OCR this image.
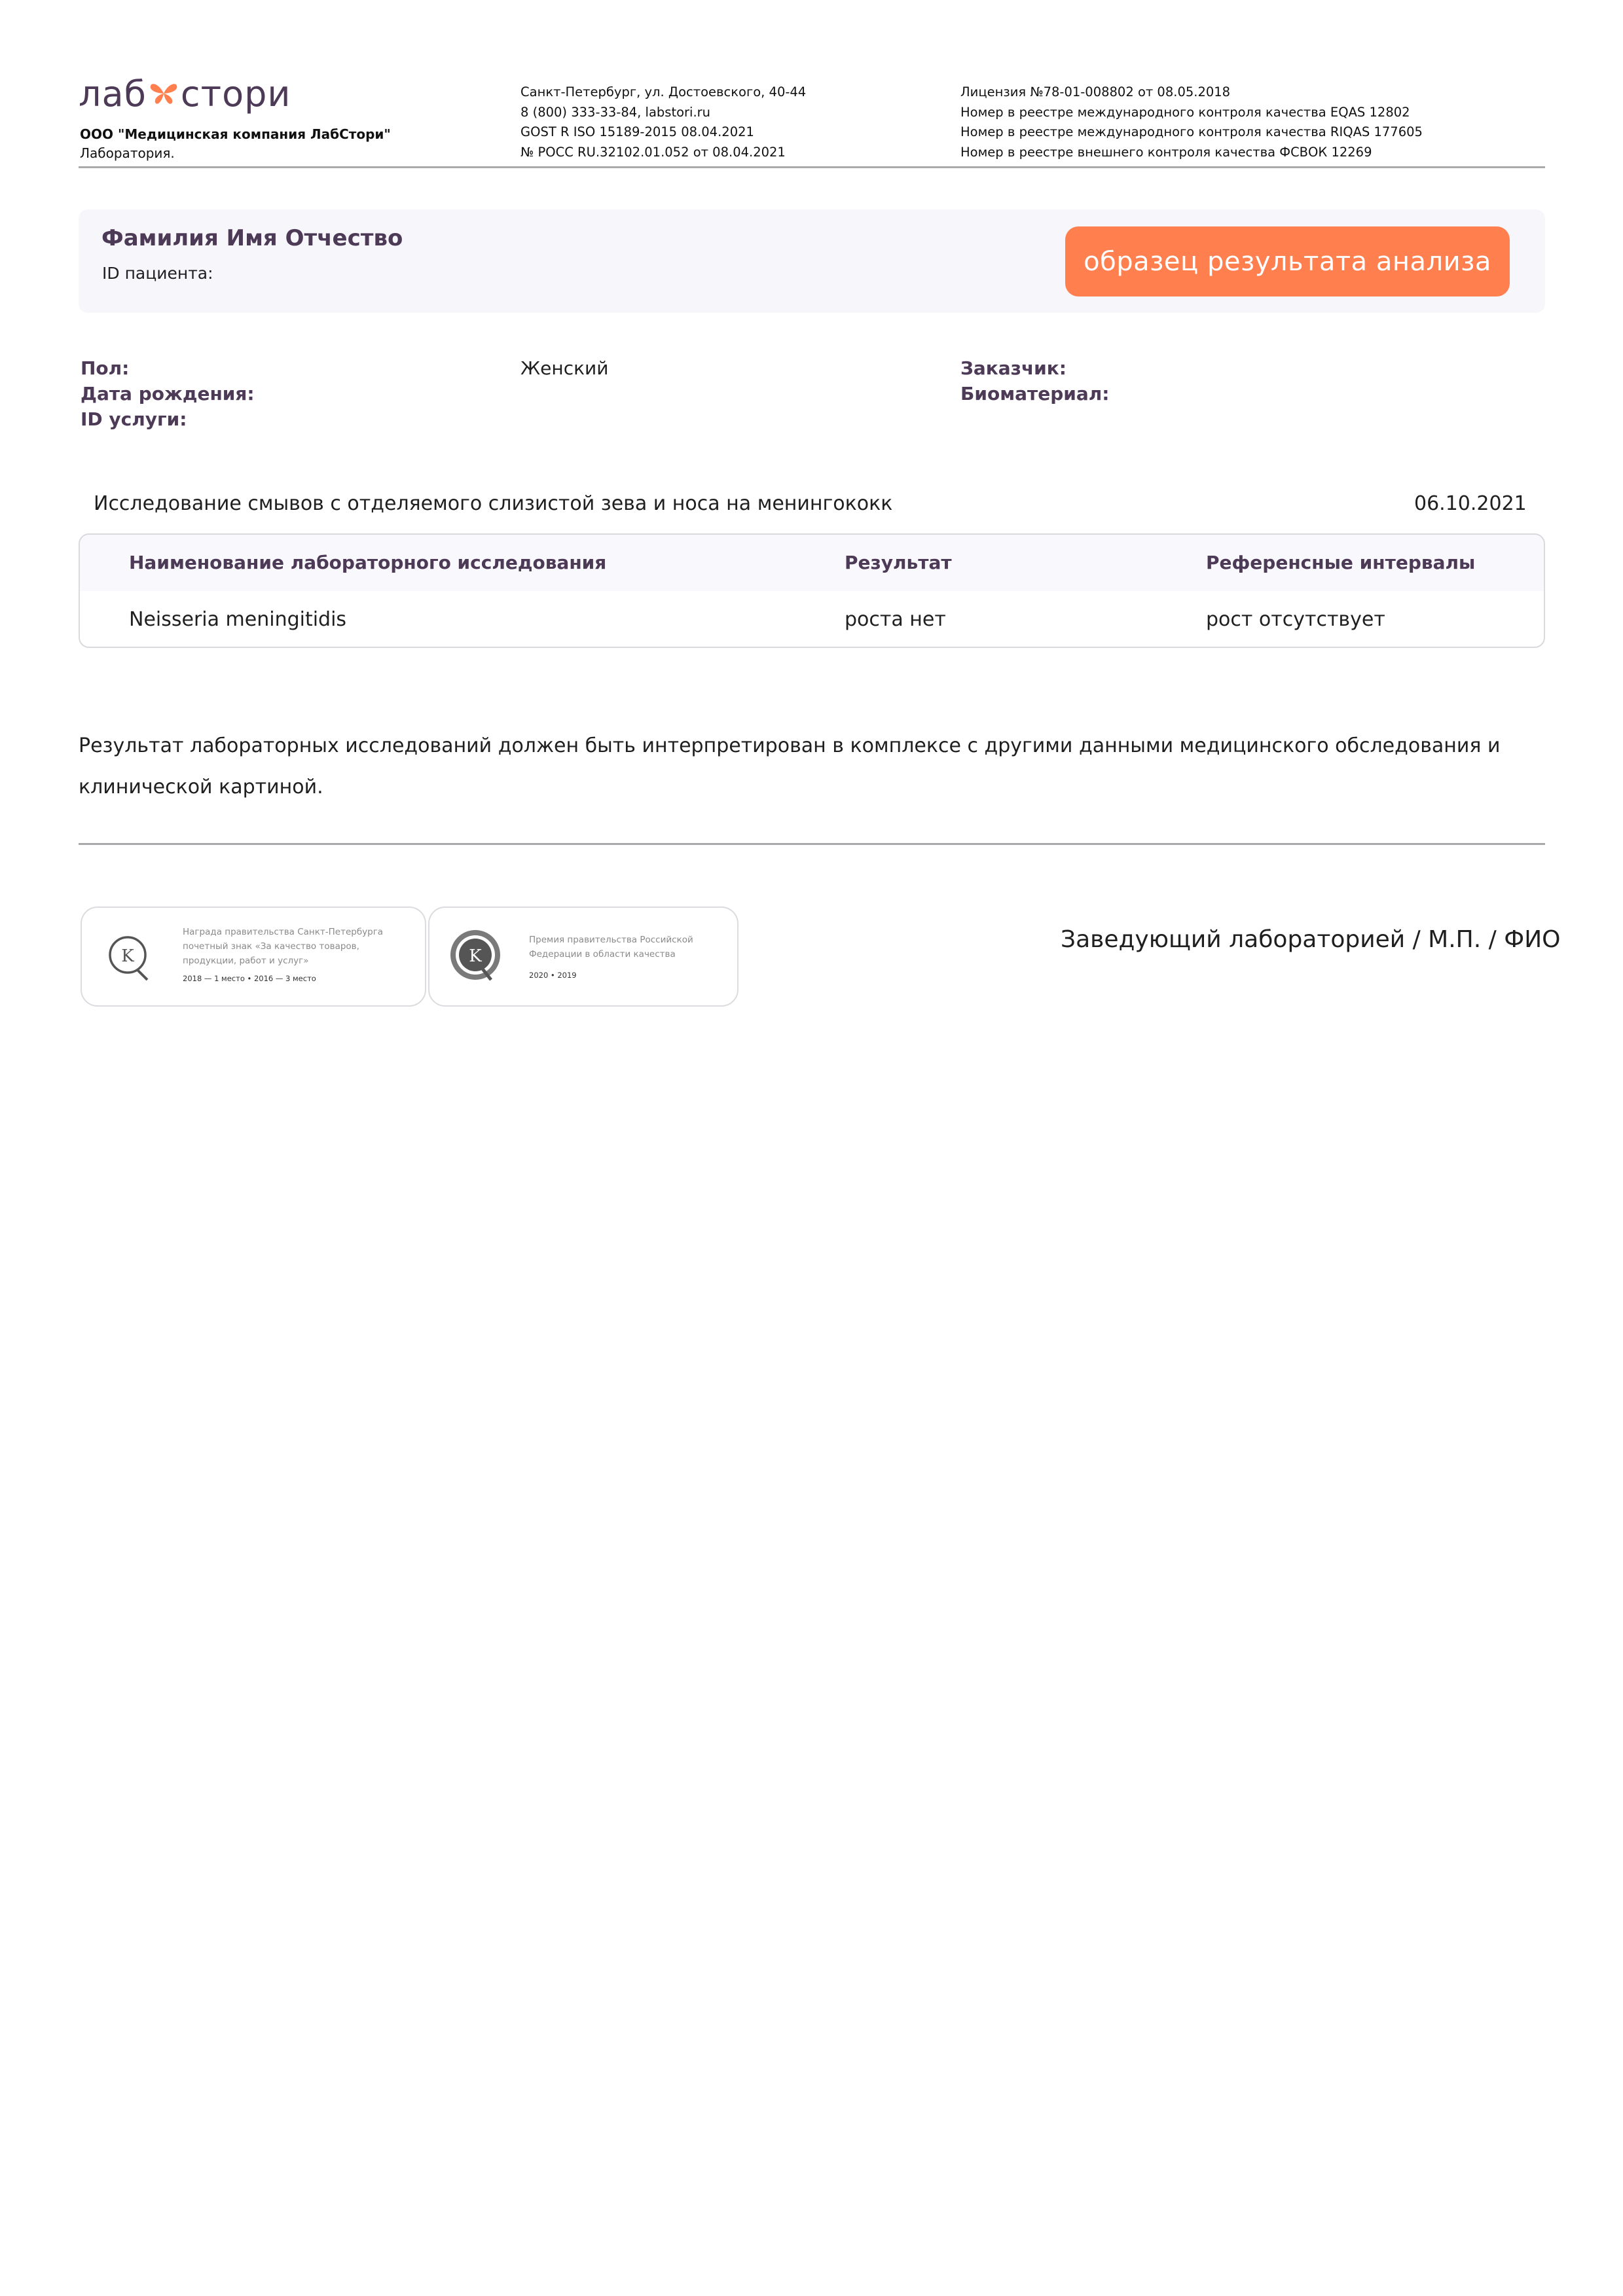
лаб стори
ООО "Медицинская компания ЛабСтори"
Лаборатория.
Санкт-Петербург, ул. Достоевского, 40-44
8 (800) 333-33-84, labstori.ru
GOST R ISO 15189-2015 08.04.2021
№ РОСС RU.32102.01.052 от 08.04.2021
Лицензия №78-01-008802 от 08.05.2018
Номер в реестре международного контроля качества EQAS 12802
Номер в реестре международного контроля качества RIQAS 177605
Номер в реестре внешнего контроля качества ФСВОК 12269
Фамилия Имя Отчество
ID пациента:	образец результата анализа
Пол:	Женский
Дата рождения:
ID услуги:
Заказчик:
Биоматериал:
Исследование смывов с отделяемого слизистой зева и носа на менингококк	06.10.2021
Наименование лабораторного исследования	Результат	Референсные интервалы
Neisseria meningitidis	роста нет	рост отсутствует
Результат лабораторных исследований должен быть интерпретирован в комплексе с другими данными медицинского обследования и клинической картиной.
K
Награда правительства Санкт-Петербурга почетный знак «За качество товаров, продукции, работ и услуг»
2018 — 1 место • 2016 — 3 место
K
Премия правительства Российской Федерации в области качества
2020 • 2019
Заведующий лабораторией / М.П. / ФИО
